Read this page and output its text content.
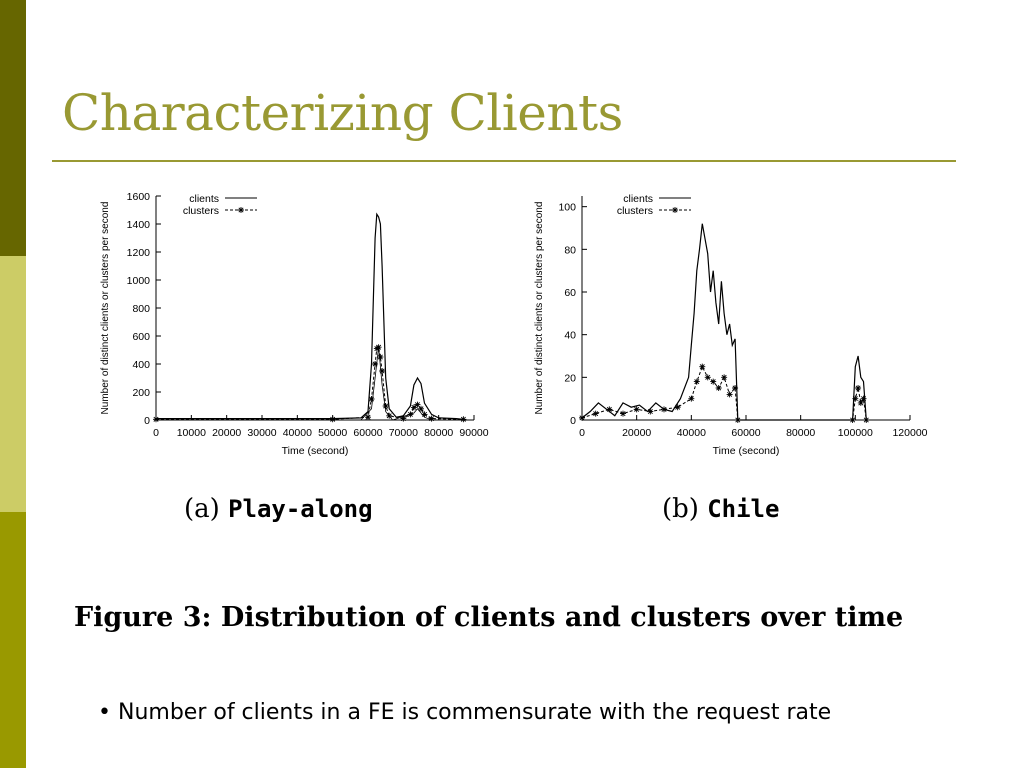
Characterizing Clients
0
200
400
600
800
1000
1200
1400
1600
0 10000 20000 30000 40000 50000 60000 70000 80000 90000
Time (second)
Number of distinct clients or clusters per second
clients
clusters
0
20
40
60
80
100
0	20000 40000 60000 80000 100000 120000
Time (second)
Number of distinct clients or clusters per second
clients
clusters
(a) Play-along	(b) Chile

Figure 3: Distribution of clients and clusters over time

• Number of clients in a FE is commensurate with the request rate
